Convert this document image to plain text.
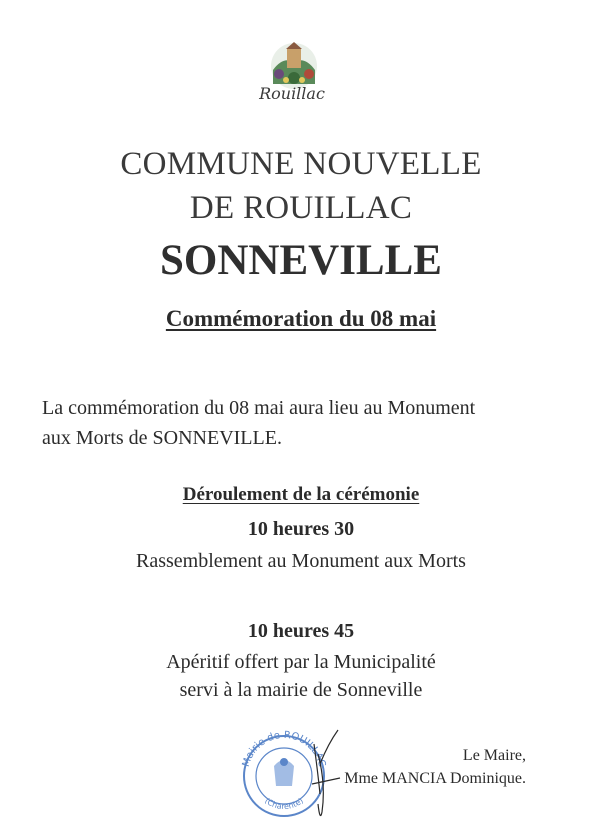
Rouillac
COMMUNE NOUVELLE
DE ROUILLAC
SONNEVILLE
Commémoration du 08 mai
La commémoration du 08 mai aura lieu au Monument
aux Morts de SONNEVILLE.
Déroulement de la cérémonie
10 heures 30
Rassemblement au Monument aux Morts
10 heures 45
Apéritif offert par la Municipalité
servi à la mairie de Sonneville
Mairie de ROUILLAC
(Charente)
Le Maire,
Mme MANCIA Dominique.
